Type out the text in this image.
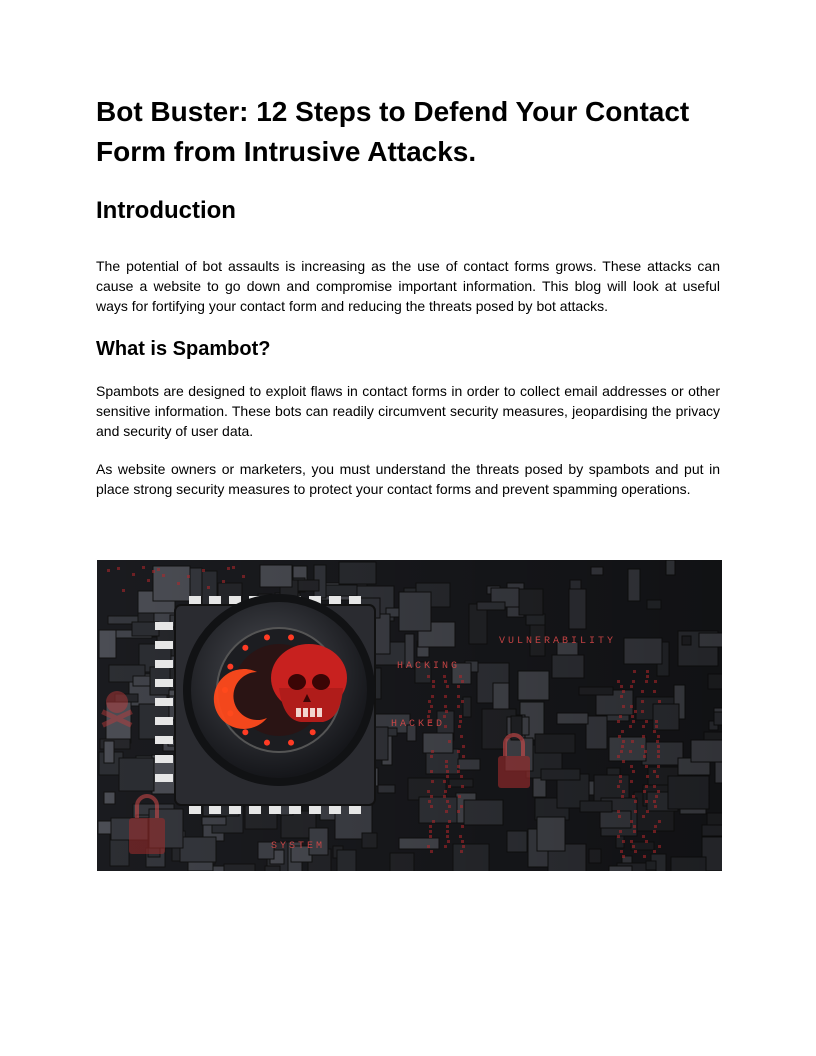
Bot Buster: 12 Steps to Defend Your Contact Form from Intrusive Attacks.
Introduction

The potential of bot assaults is increasing as the use of contact forms grows. These attacks can cause a website to go down and compromise important information. This blog will look at useful ways for fortifying your contact form and reducing the threats posed by bot attacks.

What is Spambot?

Spambots are designed to exploit flaws in contact forms in order to collect email addresses or other sensitive information. These bots can readily circumvent security measures, jeopardising the privacy and security of user data.

As website owners or marketers, you must understand the threats posed by spambots and put in place strong security measures to protect your contact forms and prevent spamming operations.

HACKING
HACKED
VULNERABILITY
SYSTEM
